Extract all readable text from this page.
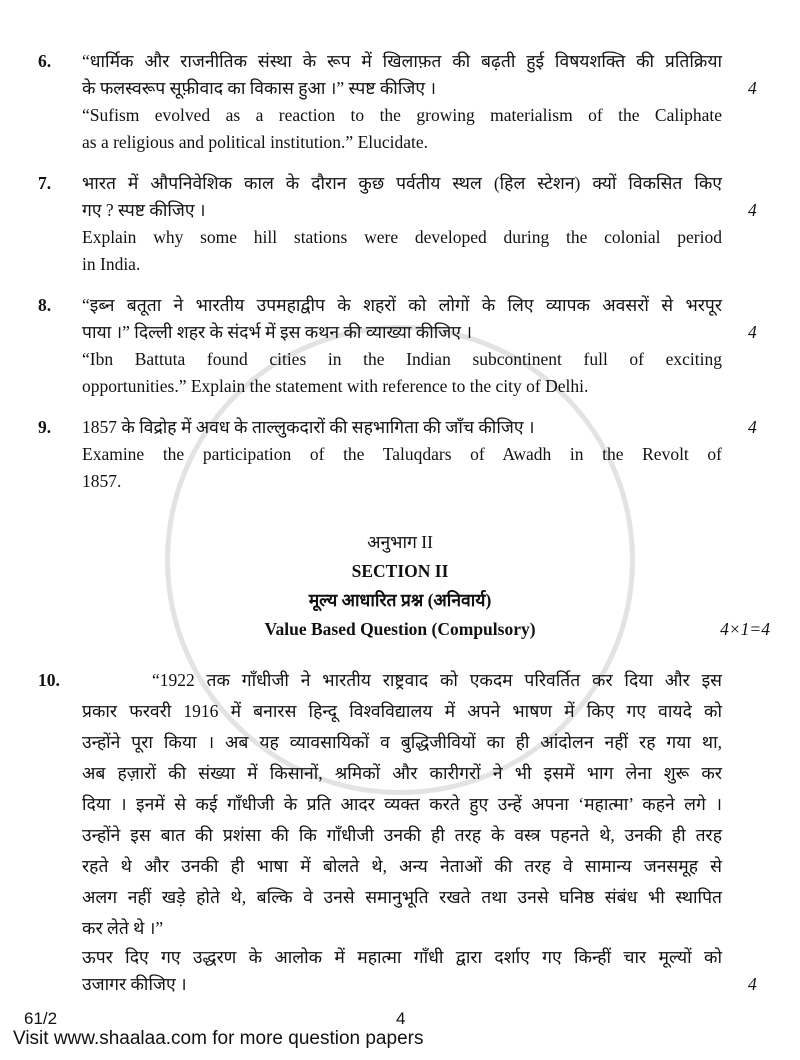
6.	“धार्मिक और राजनीतिक संस्था के रूप में खिलाफ़त की बढ़ती हुई विषयशक्ति की प्रतिक्रिया
के फलस्वरूप सूफ़ीवाद का विकास हुआ ।” स्पष्ट कीजिए ।	4
“Sufism evolved as a reaction to the growing materialism of the Caliphate
as a religious and political institution.” Elucidate.
7.	भारत में औपनिवेशिक काल के दौरान कुछ पर्वतीय स्थल (हिल स्टेशन) क्यों विकसित किए
गए ? स्पष्ट कीजिए ।	4
Explain why some hill stations were developed during the colonial period
in India.
8.	“इब्न बतूता ने भारतीय उपमहाद्वीप के शहरों को लोगों के लिए व्यापक अवसरों से भरपूर
पाया ।” दिल्ली शहर के संदर्भ में इस कथन की व्याख्या कीजिए ।	4
“Ibn Battuta found cities in the Indian subcontinent full of exciting
opportunities.” Explain the statement with reference to the city of Delhi.
9.	1857 के विद्रोह में अवध के ताल्लुकदारों की सहभागिता की जाँच कीजिए ।	4
Examine the participation of the Taluqdars of Awadh in the Revolt of
1857.
अनुभाग II
SECTION II
मूल्य आधारित प्रश्न (अनिवार्य)
Value Based Question (Compulsory)	4×1=4
10.	“1922 तक गाँधीजी ने भारतीय राष्ट्रवाद को एकदम परिवर्तित कर दिया और इस
प्रकार फरवरी 1916 में बनारस हिन्दू विश्वविद्यालय में अपने भाषण में किए गए वायदे को
उन्होंने पूरा किया । अब यह व्यावसायिकों व बुद्धिजीवियों का ही आंदोलन नहीं रह गया था,
अब हज़ारों की संख्या में किसानों, श्रमिकों और कारीगरों ने भी इसमें भाग लेना शुरू कर
दिया । इनमें से कई गाँधीजी के प्रति आदर व्यक्त करते हुए उन्हें अपना ‘महात्मा’ कहने लगे ।
उन्होंने इस बात की प्रशंसा की कि गाँधीजी उनकी ही तरह के वस्त्र पहनते थे, उनकी ही तरह
रहते थे और उनकी ही भाषा में बोलते थे, अन्य नेताओं की तरह वे सामान्य जनसमूह से
अलग नहीं खड़े होते थे, बल्कि वे उनसे समानुभूति रखते तथा उनसे घनिष्ठ संबंध भी स्थापित
कर लेते थे ।”
ऊपर दिए गए उद्धरण के आलोक में महात्मा गाँधी द्वारा दर्शाए गए किन्हीं चार मूल्यों को
उजागर कीजिए ।	4
61/2	4
Visit www.shaalaa.com for more question papers
